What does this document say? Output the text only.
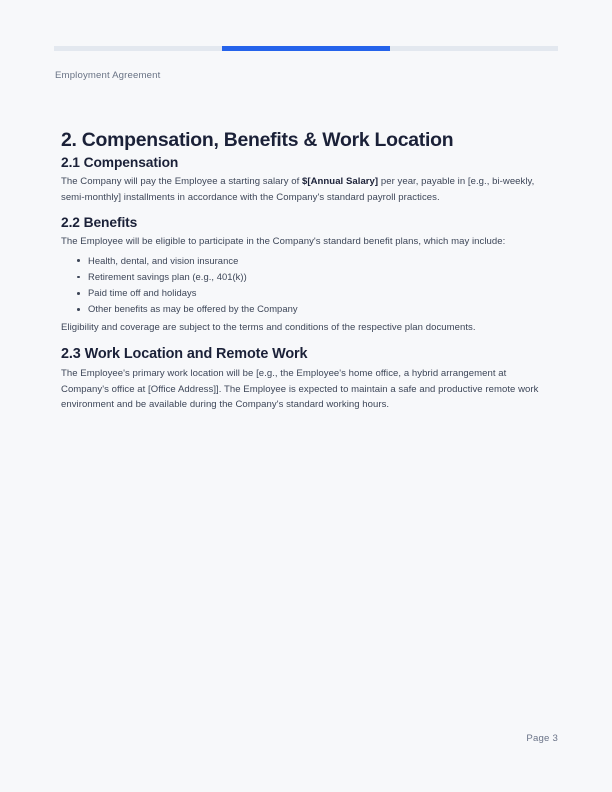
Employment Agreement
2. Compensation, Benefits & Work Location
2.1 Compensation

The Company will pay the Employee a starting salary of $[Annual Salary] per year, payable in [e.g., bi-weekly, semi-monthly] installments in accordance with the Company's standard payroll practices.

2.2 Benefits

The Employee will be eligible to participate in the Company's standard benefit plans, which may include:

Health, dental, and vision insurance
Retirement savings plan (e.g., 401(k))
Paid time off and holidays
Other benefits as may be offered by the Company

Eligibility and coverage are subject to the terms and conditions of the respective plan documents.

2.3 Work Location and Remote Work

The Employee's primary work location will be [e.g., the Employee's home office, a hybrid arrangement at Company's office at [Office Address]]. The Employee is expected to maintain a safe and productive remote work environment and be available during the Company's standard working hours.

Page 3
